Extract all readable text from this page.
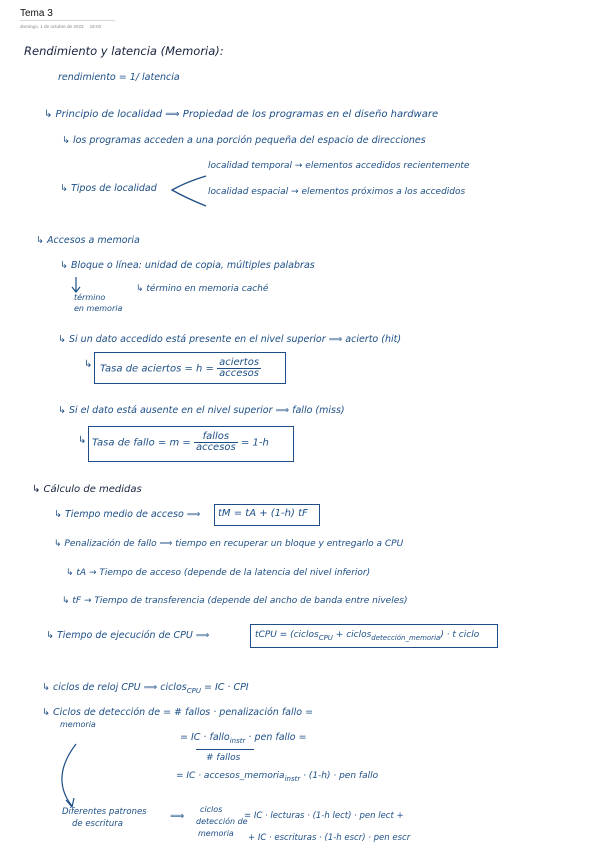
Tema 3
domingo, 1 de octubre de 2023 18:03
Rendimiento y latencia (Memoria):
rendimiento = 1/ latencia
↳ Principio de localidad ⟹ Propiedad de los programas en el diseño hardware
↳ los programas acceden a una porción pequeña del espacio de direcciones
↳ Tipos de localidad
localidad temporal → elementos accedidos recientemente
localidad espacial → elementos próximos a los accedidos
↳ Accesos a memoria
↳ Bloque o línea: unidad de copia, múltiples palabras
término
en memoria
↳ término en memoria caché
↳ Si un dato accedido está presente en el nivel superior ⟹ acierto (hit)
↳ Tasa de aciertos = $h = \frac{\text{aciertos}}{\text{accesos}}$
↳ Si el dato está ausente en el nivel superior ⟹ fallo (miss)
↳ Tasa de fallo = $m = \frac{\text{fallos}}{\text{accesos}} = 1-h$
↳ Cálculo de medidas
↳ Tiempo medio de acceso ⟹ tM = tA + (1-h) tF
↳ Penalización de fallo ⟹ tiempo en recuperar un bloque y entregarlo a CPU
↳ tA → Tiempo de acceso (depende de la latencia del nivel inferior)
↳ tF → Tiempo de transferencia (depende del ancho de banda entre niveles)
↳ Tiempo de ejecución de CPU ⟹	tCPU = (ciclos$_{CPU}$ + ciclos$_{detección\_memoria}$) · t ciclo
↳ ciclos de reloj CPU ⟹ ciclos$_{CPU}$ = IC · CPI
↳ Ciclos de detección de = # fallos · penalización fallo =
memoria
= IC · fallo$_{instr}$ · pen fallo =
# fallos
= IC · accesos_memoria$_{instr}$ · (1-h) · pen fallo
Diferentes patrones
de escritura
⟹
ciclos
detección de
memoria
= IC · lecturas · (1-h lect) · pen lect +
+ IC · escrituras · (1-h escr) · pen escr
